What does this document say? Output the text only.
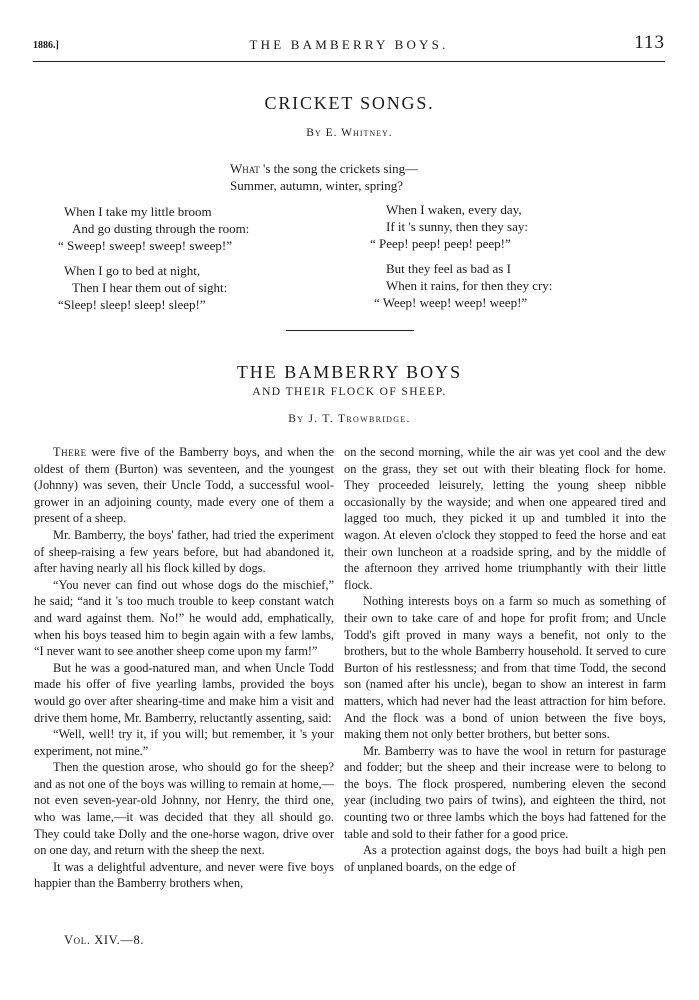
1886.]	THE BAMBERRY BOYS.	113
CRICKET SONGS.
By E. Whitney.
What 's the song the crickets sing—
Summer, autumn, winter, spring?
When I take my little broom
And go dusting through the room:
“ Sweep! sweep! sweep! sweep!”
When I go to bed at night,
Then I hear them out of sight:
“Sleep! sleep! sleep! sleep!”
When I waken, every day,
If it 's sunny, then they say:
“ Peep! peep! peep! peep!”
But they feel as bad as I
When it rains, for then they cry:
“ Weep! weep! weep! weep!”
THE BAMBERRY BOYS
AND THEIR FLOCK OF SHEEP.
By J. T. Trowbridge.

There were five of the Bamberry boys, and when the oldest of them (Burton) was seventeen, and the youngest (Johnny) was seven, their Uncle Todd, a successful wool-grower in an adjoining county, made every one of them a present of a sheep.

Mr. Bamberry, the boys' father, had tried the experiment of sheep-raising a few years before, but had abandoned it, after having nearly all his flock killed by dogs.

“You never can find out whose dogs do the mischief,” he said; “and it 's too much trouble to keep constant watch and ward against them. No!” he would add, emphatically, when his boys teased him to begin again with a few lambs, “I never want to see another sheep come upon my farm!”

But he was a good-natured man, and when Uncle Todd made his offer of five yearling lambs, provided the boys would go over after shearing-time and make him a visit and drive them home, Mr. Bamberry, reluctantly assenting, said:

“Well, well! try it, if you will; but remember, it 's your experiment, not mine.”

Then the question arose, who should go for the sheep? and as not one of the boys was willing to remain at home,—not even seven-year-old Johnny, nor Henry, the third one, who was lame,—it was decided that they all should go. They could take Dolly and the one-horse wagon, drive over on one day, and return with the sheep the next.

It was a delightful adventure, and never were five boys happier than the Bamberry brothers when,

on the second morning, while the air was yet cool and the dew on the grass, they set out with their bleating flock for home. They proceeded leisurely, letting the young sheep nibble occasionally by the wayside; and when one appeared tired and lagged too much, they picked it up and tumbled it into the wagon. At eleven o'clock they stopped to feed the horse and eat their own luncheon at a roadside spring, and by the middle of the afternoon they arrived home triumphantly with their little flock.

Nothing interests boys on a farm so much as something of their own to take care of and hope for profit from; and Uncle Todd's gift proved in many ways a benefit, not only to the brothers, but to the whole Bamberry household. It served to cure Burton of his restlessness; and from that time Todd, the second son (named after his uncle), began to show an interest in farm matters, which had never had the least attraction for him before. And the flock was a bond of union between the five boys, making them not only better brothers, but better sons.

Mr. Bamberry was to have the wool in return for pasturage and fodder; but the sheep and their increase were to belong to the boys. The flock prospered, numbering eleven the second year (including two pairs of twins), and eighteen the third, not counting two or three lambs which the boys had fattened for the table and sold to their father for a good price.

As a protection against dogs, the boys had built a high pen of unplaned boards, on the edge of

Vol. XIV.—8.
